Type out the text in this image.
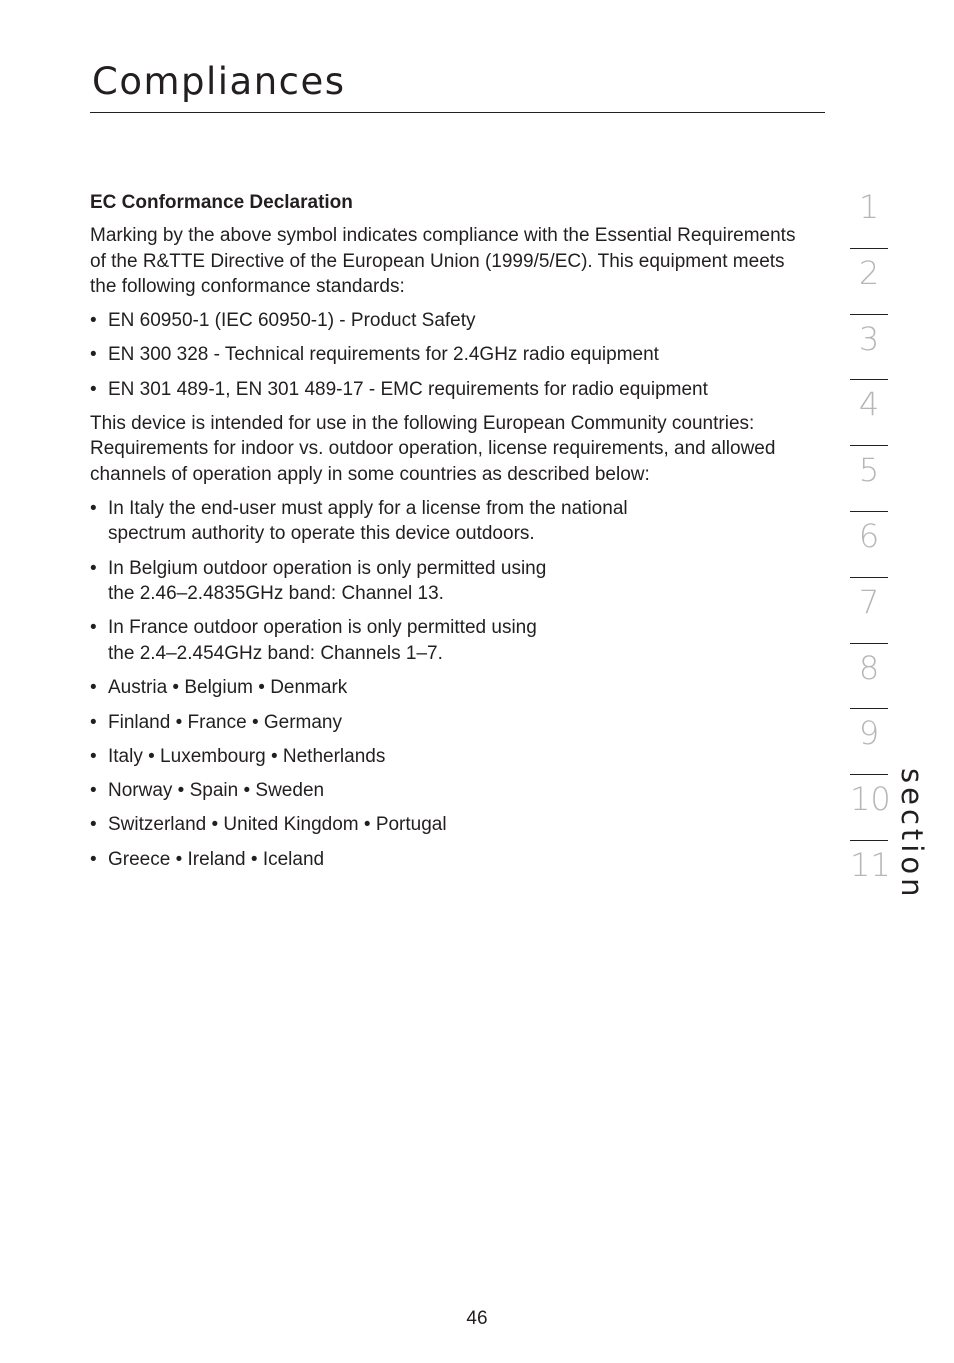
Compliances
EC Conformance Declaration

Marking by the above symbol indicates compliance with the Essential Requirements of the R&TTE Directive of the European Union (1999/5/EC). This equipment meets the following conformance standards:

• EN 60950-1 (IEC 60950-1) - Product Safety
• EN 300 328 - Technical requirements for 2.4GHz radio equipment
• EN 301 489-1, EN 301 489-17 - EMC requirements for radio equipment

This device is intended for use in the following European Community countries: Requirements for indoor vs. outdoor operation, license requirements, and allowed channels of operation apply in some countries as described below:

• In Italy the end-user must apply for a license from the national
spectrum authority to operate this device outdoors.
• In Belgium outdoor operation is only permitted using
the 2.46–2.4835GHz band: Channel 13.
• In France outdoor operation is only permitted using
the 2.4–2.454GHz band: Channels 1–7.
• Austria • Belgium • Denmark
• Finland • France • Germany
• Italy • Luxembourg • Netherlands
• Norway • Spain • Sweden
• Switzerland • United Kingdom • Portugal
• Greece • Ireland • Iceland
1
2
3
4
5
6
7
8
9
10
11
12
section
46
